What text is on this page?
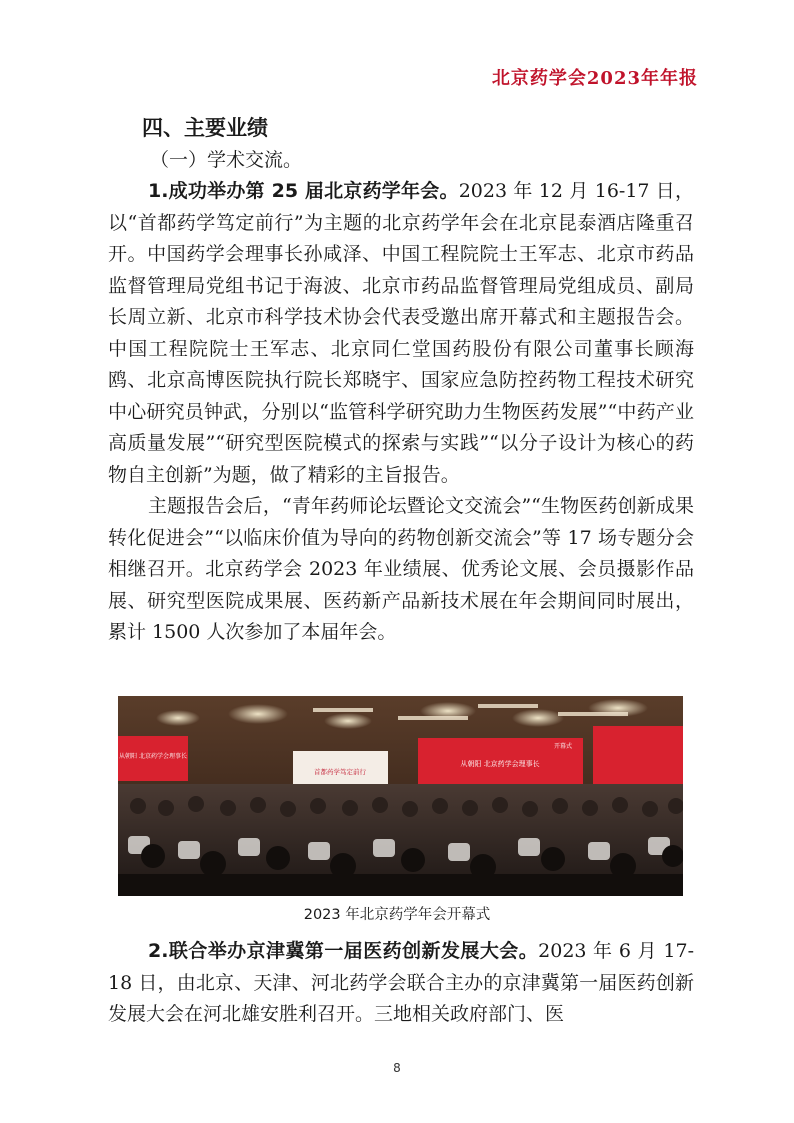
北京药学会2023年年报

四、主要业绩

（一）学术交流。

1.成功举办第 25 届北京药学年会。2023 年 12 月 16-17 日，以“首都药学笃定前行”为主题的北京药学年会在北京昆泰酒店隆重召开。中国药学会理事长孙咸泽、中国工程院院士王军志、北京市药品监督管理局党组书记于海波、北京市药品监督管理局党组成员、副局长周立新、北京市科学技术协会代表受邀出席开幕式和主题报告会。中国工程院院士王军志、北京同仁堂国药股份有限公司董事长顾海鸥、北京高博医院执行院长郑晓宇、国家应急防控药物工程技术研究中心研究员钟武，分别以“监管科学研究助力生物医药发展”“中药产业高质量发展”“研究型医院模式的探索与实践”“以分子设计为核心的药物自主创新”为题，做了精彩的主旨报告。

主题报告会后，“青年药师论坛暨论文交流会”“生物医药创新成果转化促进会”“以临床价值为导向的药物创新交流会”等 17 场专题分会相继召开。北京药学会 2023 年业绩展、优秀论文展、会员摄影作品展、研究型医院成果展、医药新产品新技术展在年会期间同时展出，累计 1500 人次参加了本届年会。

从朝阳 北京药学会理事长
首都药学笃定前行
从朝阳 北京药学会理事长
开幕式
2023 年北京药学年会开幕式

2.联合举办京津冀第一届医药创新发展大会。2023 年 6 月 17-18 日，由北京、天津、河北药学会联合主办的京津冀第一届医药创新发展大会在河北雄安胜利召开。三地相关政府部门、医

8
